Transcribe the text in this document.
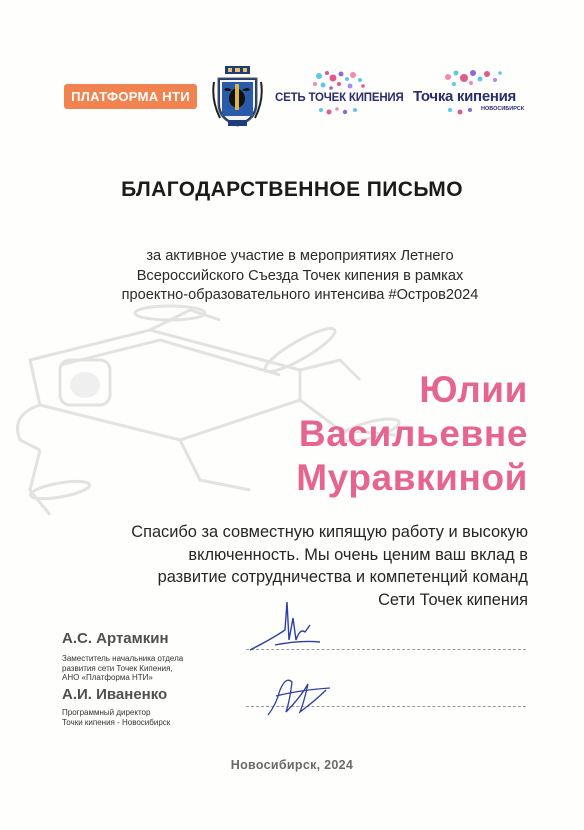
ПЛАТФОРМА НТИ	СЕТЬ ТОЧЕК КИПЕНИЯ Точка кипения
НОВОСИБИРСК
БЛАГОДАРСТВЕННОЕ ПИСЬМО
за активное участие в мероприятиях Летнего
Всероссийского Съезда Точек кипения в рамках
проектно-образовательного интенсива #Остров2024
Юлии
Васильевне
Муравкиной
Спасибо за совместную кипящую работу и высокую
включенность. Мы очень ценим ваш вклад в
развитие сотрудничества и компетенций команд
Сети Точек кипения
А.С. Артамкин
Заместитель начальника отдела
развития сети Точек Кипения,
АНО «Платформа НТИ»
А.И. Иваненко
Программный директор
Точки кипения - Новосибирск
Новосибирск, 2024
